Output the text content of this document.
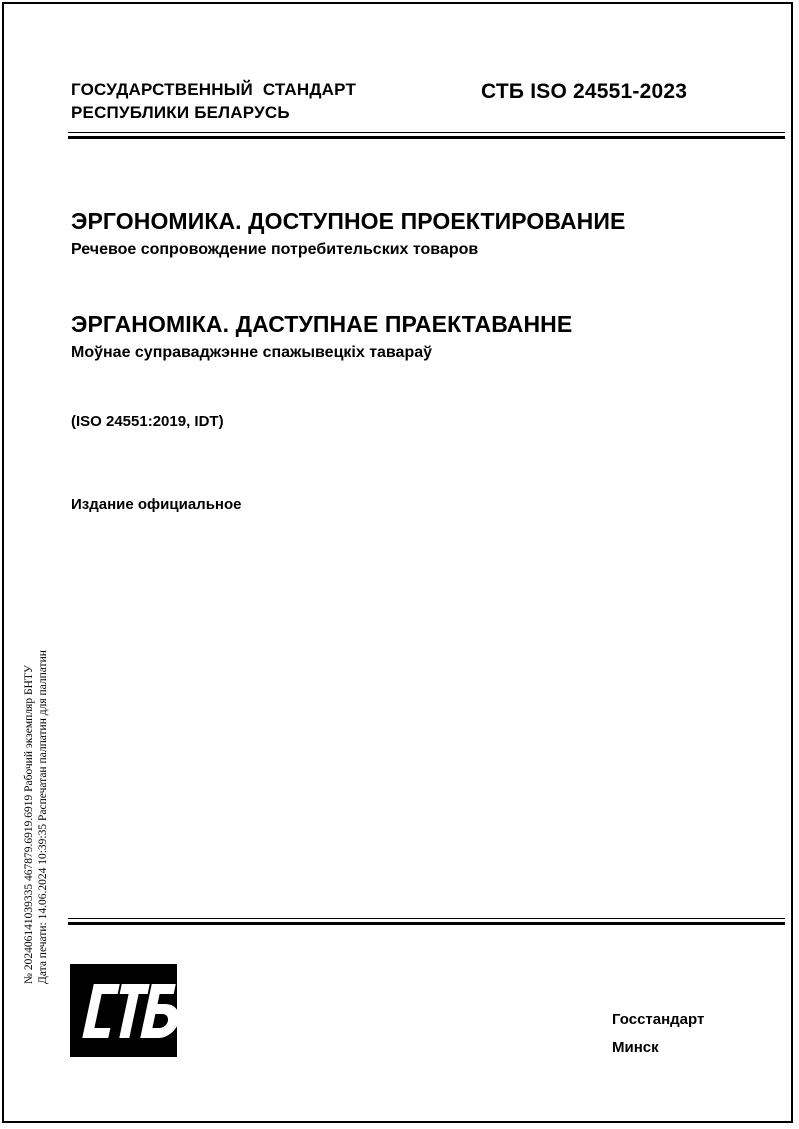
ГОСУДАРСТВЕННЫЙ  СТАНДАРТ
РЕСПУБЛИКИ БЕЛАРУСЬ
СТБ ISO 24551-2023
ЭРГОНОМИКА. ДОСТУПНОЕ ПРОЕКТИРОВАНИЕ
Речевое сопровождение потребительских товаров
ЭРГАНОМІКА. ДАСТУПНАЕ ПРАЕКТАВАННЕ
Моўнае суправаджэнне спажывецкіх тавараў
(ISO 24551:2019, IDT)
Издание официальное
№ 202406141039335 467879.6919.6919 Рабочий экземпляр БНТУ Дата печати: 14.06.2024 10:39:35 Распечатан палпатин для палпатин
Госстандарт
Минск
